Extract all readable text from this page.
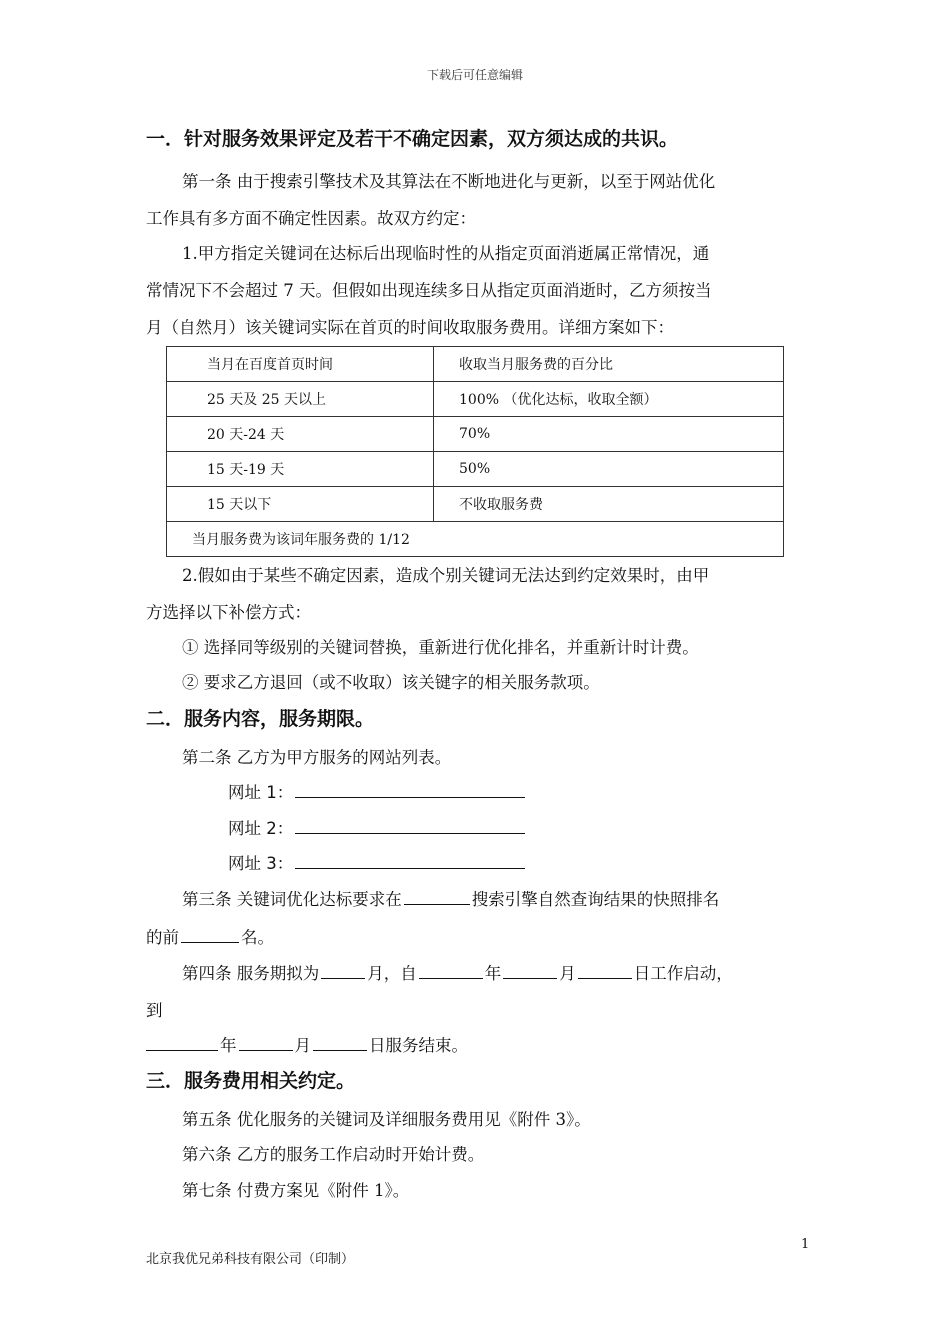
下载后可任意编辑
一．针对服务效果评定及若干不确定因素，双方须达成的共识。
第一条 由于搜索引擎技术及其算法在不断地进化与更新，以至于网站优化
工作具有多方面不确定性因素。故双方约定：
1.甲方指定关键词在达标后出现临时性的从指定页面消逝属正常情况，通
常情况下不会超过 7 天。但假如出现连续多日从指定页面消逝时，乙方须按当
月（自然月）该关键词实际在首页的时间收取服务费用。详细方案如下：
当月在百度首页时间	收取当月服务费的百分比
25 天及 25 天以上	100% （优化达标，收取全额）
20 天-24 天	70%
15 天-19 天	50%
15 天以下	不收取服务费
当月服务费为该词年服务费的 1/12	
2.假如由于某些不确定因素，造成个别关键词无法达到约定效果时，由甲
方选择以下补偿方式：
① 选择同等级别的关键词替换，重新进行优化排名，并重新计时计费。
② 要求乙方退回（或不收取）该关键字的相关服务款项。
二．服务内容，服务期限。
第二条 乙方为甲方服务的网站列表。
网址 1：
网址 2：
网址 3：
第三条 关键词优化达标要求在	搜索引擎自然查询结果的快照排名
的前	名。
第四条 服务期拟为	月，自	年	月	日工作启动，
到
年	月	日服务结束。
三．服务费用相关约定。
第五条 优化服务的关键词及详细服务费用见《附件 3》。
第六条 乙方的服务工作启动时开始计费。
第七条 付费方案见《附件 1》。
1
北京我优兄弟科技有限公司（印制）
